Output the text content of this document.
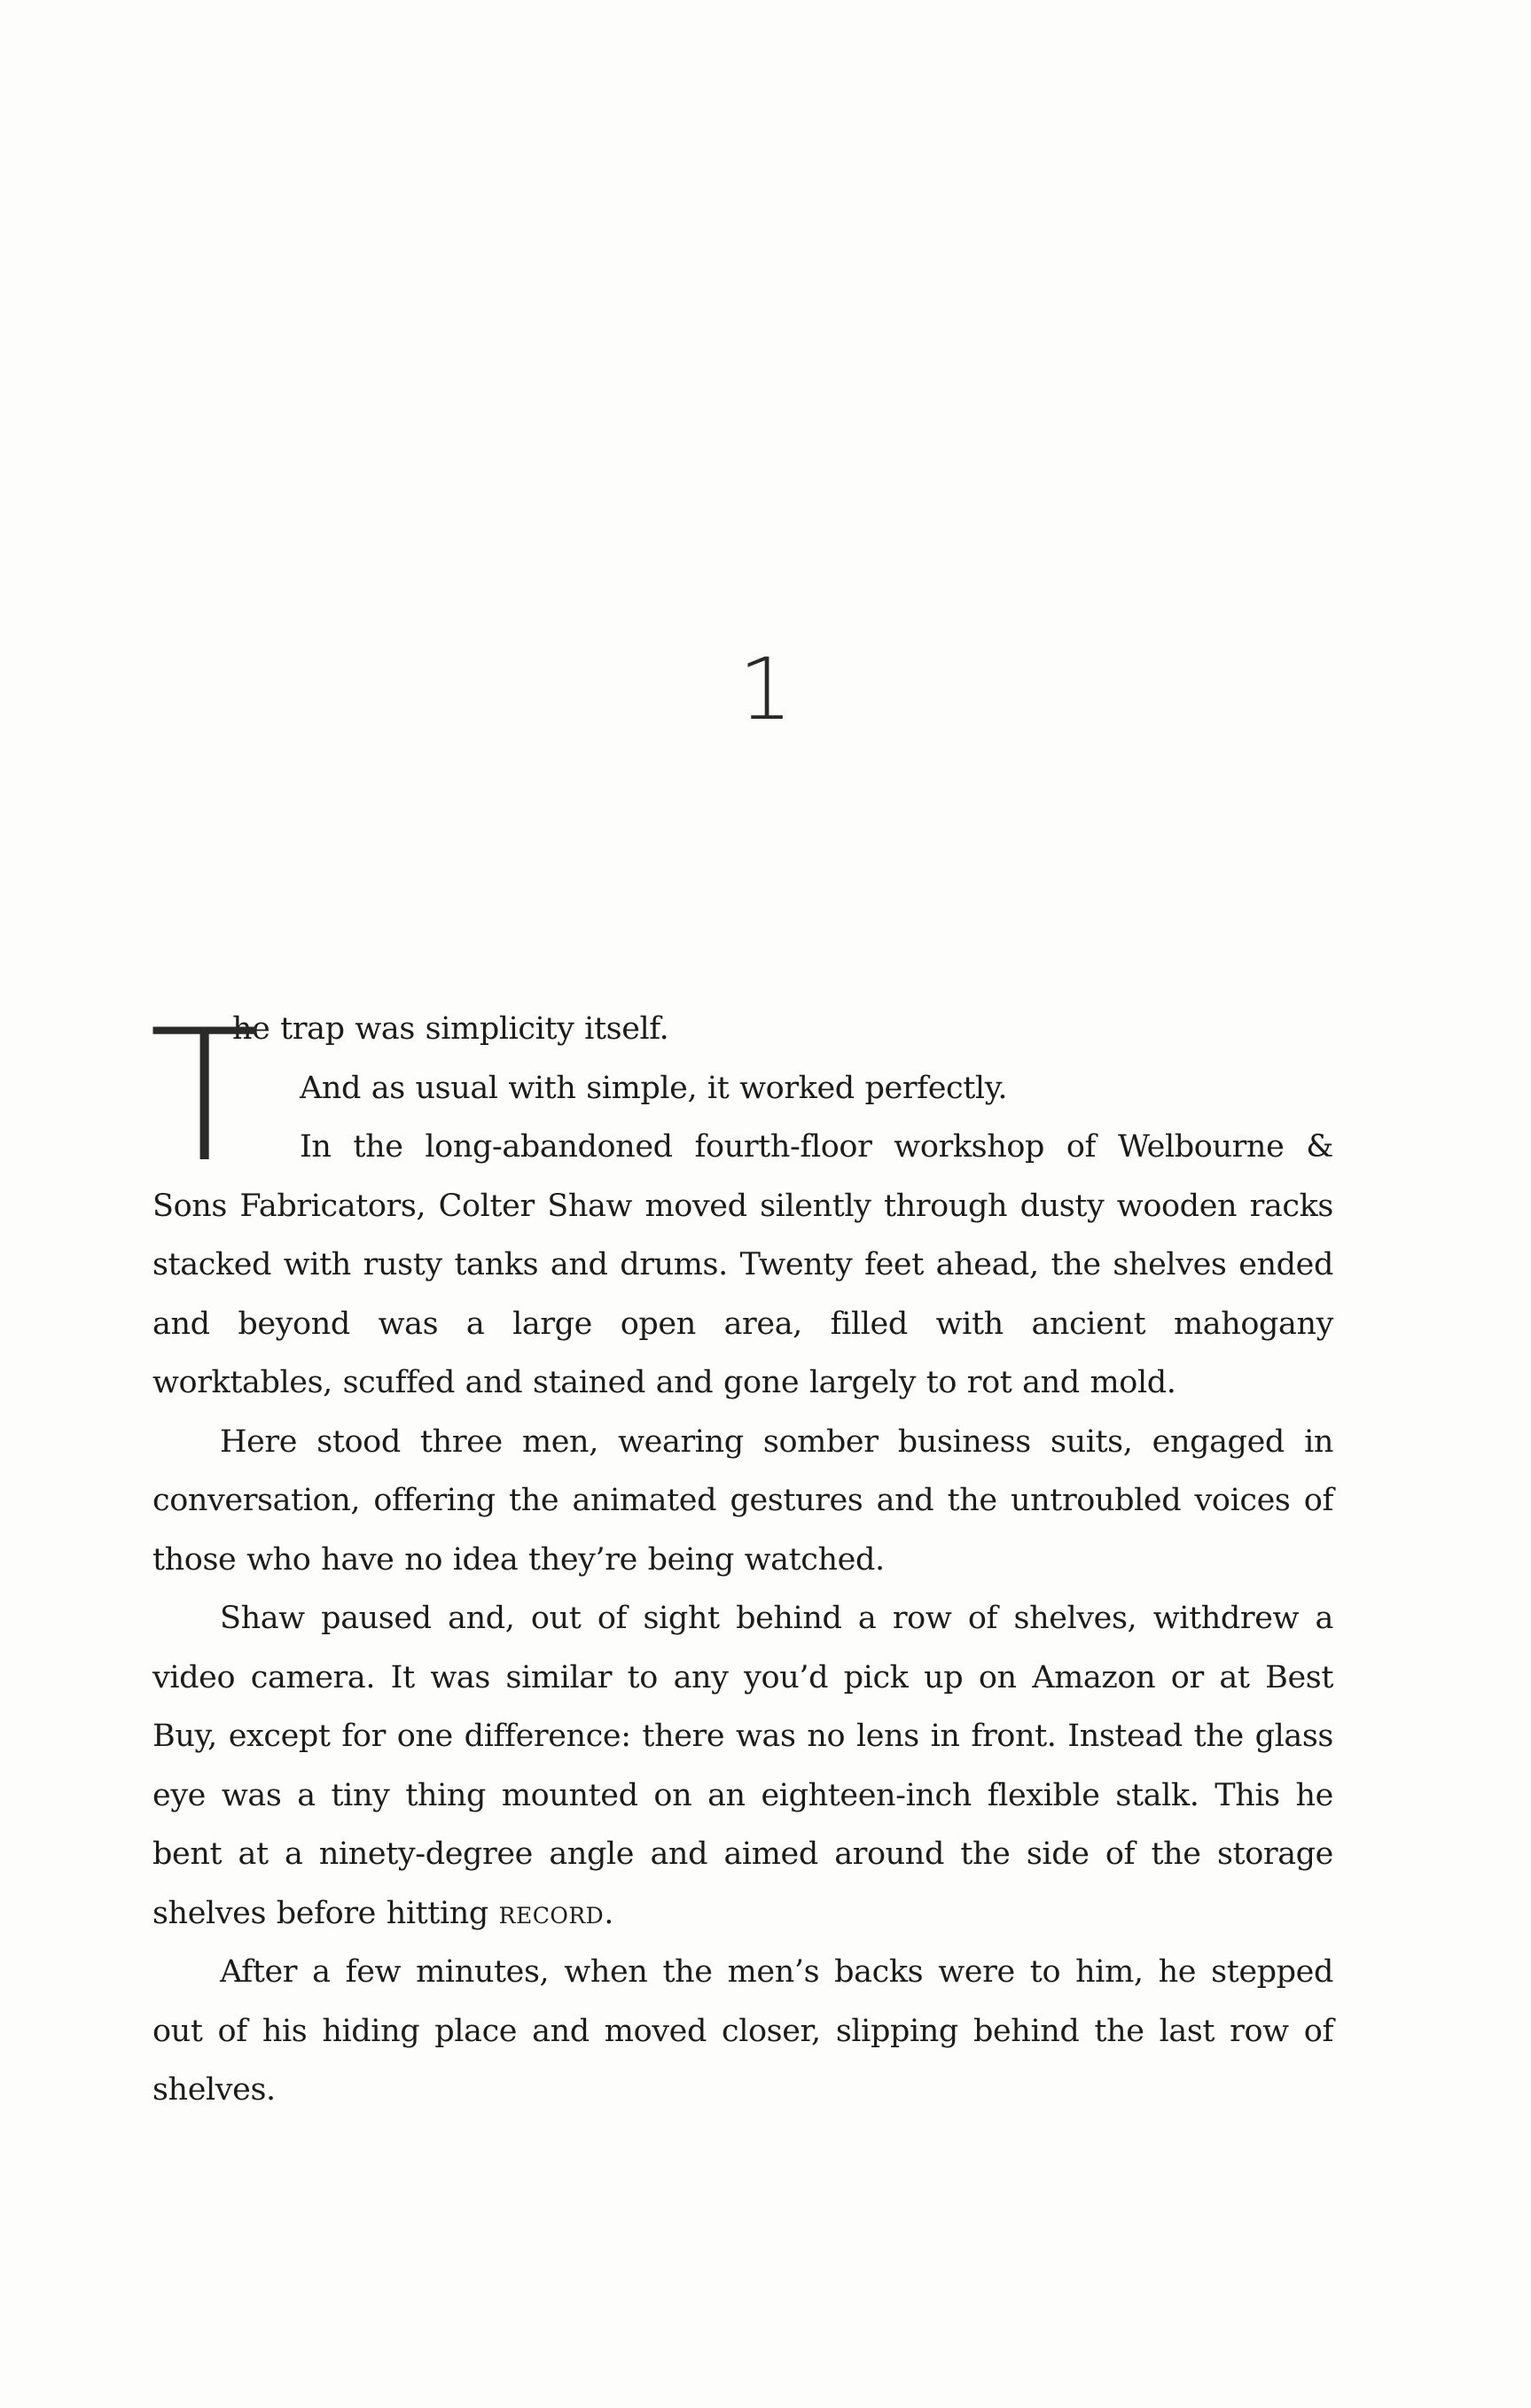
1
T

he trap was simplicity itself.

And as usual with simple, it worked perfectly.

In the long-abandoned fourth-floor workshop of Welbourne & Sons Fabricators, Colter Shaw moved silently through dusty wooden racks stacked with rusty tanks and drums. Twenty feet ahead, the shelves ended and beyond was a large open area, filled with ancient mahogany worktables, scuffed and stained and gone largely to rot and mold.

Here stood three men, wearing somber business suits, engaged in conversation, offering the animated gestures and the untroubled voices of those who have no idea they’re being watched.

Shaw paused and, out of sight behind a row of shelves, withdrew a video camera. It was similar to any you’d pick up on Amazon or at Best Buy, except for one difference: there was no lens in front. Instead the glass eye was a tiny thing mounted on an eighteen-inch flexible stalk. This he bent at a ninety-degree angle and aimed around the side of the storage shelves before hitting record.

After a few minutes, when the men’s backs were to him, he stepped out of his hiding place and moved closer, slipping behind the last row of shelves.
